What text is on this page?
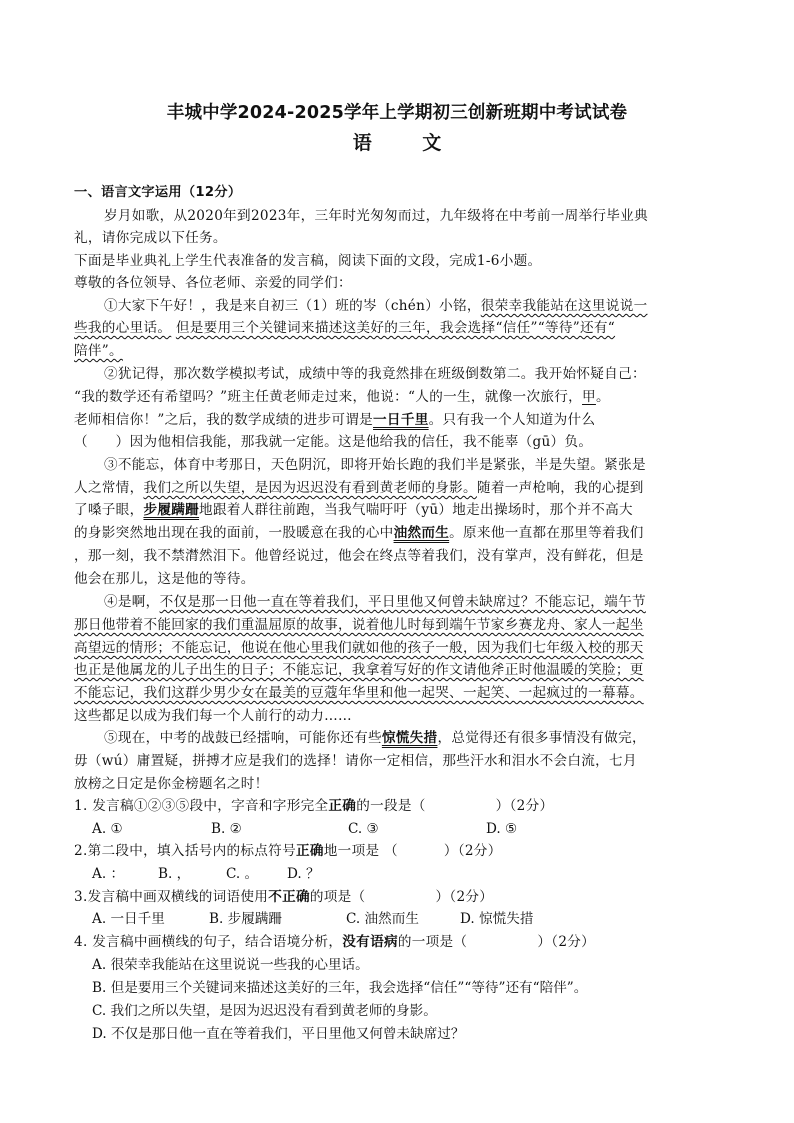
丰城中学2024-2025学年上学期初三创新班期中考试试卷
语 文
一、语言文字运用（12分）
岁月如歌，从2020年到2023年，三年时光匆匆而过，九年级将在中考前一周举行毕业典
礼，请你完成以下任务。
下面是毕业典礼上学生代表准备的发言稿，阅读下面的文段，完成1-6小题。
尊敬的各位领导、各位老师、亲爱的同学们：
①大家下午好！，我是来自初三（1）班的岑（chén）小铭，很荣幸我能站在这里说说一
些我的心里话。 但是要用三个关键词来描述这美好的三年，我会选择“信任”“等待”还有“
陪伴”。
②犹记得，那次数学模拟考试，成绩中等的我竟然排在班级倒数第二。我开始怀疑自己：
“我的数学还有希望吗？”班主任黄老师走过来，他说：“人的一生，就像一次旅行，甲。
老师相信你！”之后，我的数学成绩的进步可谓是一日千里。只有我一个人知道为什么
（　　）因为他相信我能，那我就一定能。这是他给我的信任，我不能辜（gū）负。
③不能忘，体育中考那日，天色阴沉，即将开始长跑的我们半是紧张，半是失望。紧张是
人之常情，我们之所以失望，是因为迟迟没有看到黄老师的身影。随着一声枪响，我的心提到
了嗓子眼，步履蹒跚地跟着人群往前跑，当我气喘吁吁（yū）地走出操场时，那个并不高大
的身影突然地出现在我的面前，一股暖意在我的心中油然而生。原来他一直都在那里等着我们
，那一刻，我不禁潸然泪下。他曾经说过，他会在终点等着我们，没有掌声，没有鲜花，但是
他会在那儿，这是他的等待。
④是啊，不仅是那一日他一直在等着我们，平日里他又何曾未缺席过？不能忘记，端午节
那日他带着不能回家的我们重温屈原的故事，说着他儿时每到端午节家乡赛龙舟、家人一起坐
高望远的情形；不能忘记，他说在他心里我们就如他的孩子一般，因为我们七年级入校的那天
也正是他属龙的儿子出生的日子；不能忘记，我拿着写好的作文请他斧正时他温暖的笑脸；更
不能忘记，我们这群少男少女在最美的豆蔻年华里和他一起哭、一起笑、一起疯过的一幕幕。
这些都足以成为我们每一个人前行的动力……
⑤现在，中考的战鼓已经擂响，可能你还有些惊慌失措，总觉得还有很多事情没有做完，
毋（wú）庸置疑，拼搏才应是我们的选择！请你一定相信，那些汗水和泪水不会白流，七月
放榜之日定是你金榜题名之时！
1. 发言稿①②③⑤段中，字音和字形完全正确的一段是（	）（2分）
A. ①	B. ②	C. ③	D. ⑤
2.第二段中，填入括号内的标点符号正确地一项是 （	）（2分）
A. ： B. ，	C. 。 D. ？
3.发言稿中画双横线的词语使用不正确的项是（	）（2分）
A. 一日千里	B. 步履蹒跚	C. 油然而生	D. 惊慌失措
4. 发言稿中画横线的句子，结合语境分析，没有语病的一项是（	）（2分）
A. 很荣幸我能站在这里说说一些我的心里话。
B. 但是要用三个关键词来描述这美好的三年，我会选择“信任”“等待”还有“陪伴”。
C. 我们之所以失望，是因为迟迟没有看到黄老师的身影。
D. 不仅是那日他一直在等着我们，平日里他又何曾未缺席过？
